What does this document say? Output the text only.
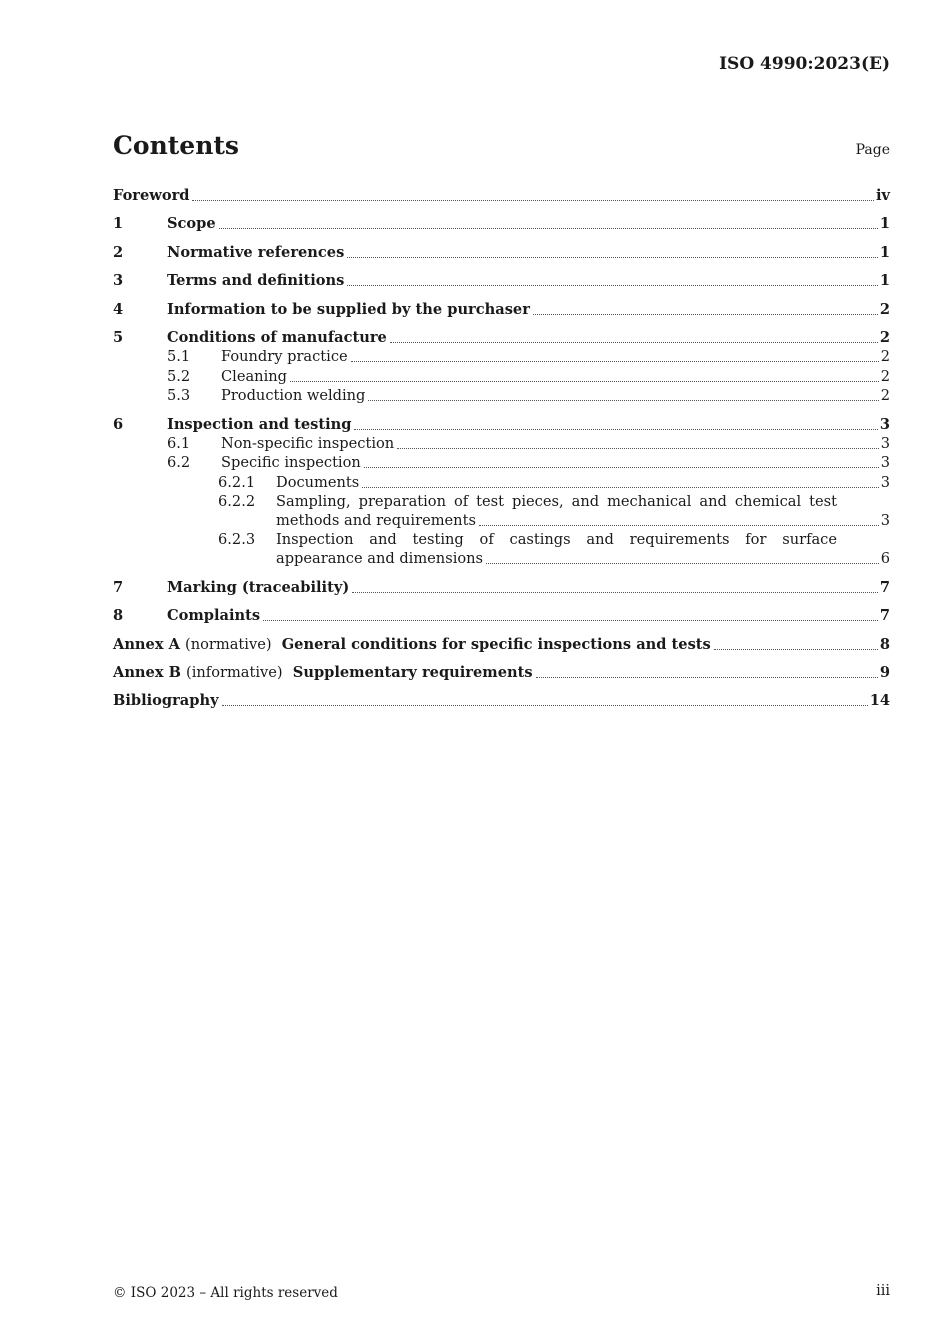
ISO 4990:2023(E)
Contents	Page
Foreword	iv
1	Scope	1
2	Normative references	1
3	Terms and definitions	1
4	Information to be supplied by the purchaser	2
5	Conditions of manufacture	2
5.1	Foundry practice	2
5.2	Cleaning	2
5.3	Production welding	2
6	Inspection and testing	3
6.1	Non-specific inspection	3
6.2	Specific inspection	3
6.2.1	Documents	3
6.2.2	Sampling, preparation of test pieces, and mechanical and chemical test
methods and requirements	3
6.2.3	Inspection and testing of castings and requirements for surface
appearance and dimensions	6
7	Marking (traceability)	7
8	Complaints	7
Annex A (normative) General conditions for specific inspections and tests	8
Annex B (informative) Supplementary requirements	9
Bibliography	14
© ISO 2023 – All rights reserved	iii
